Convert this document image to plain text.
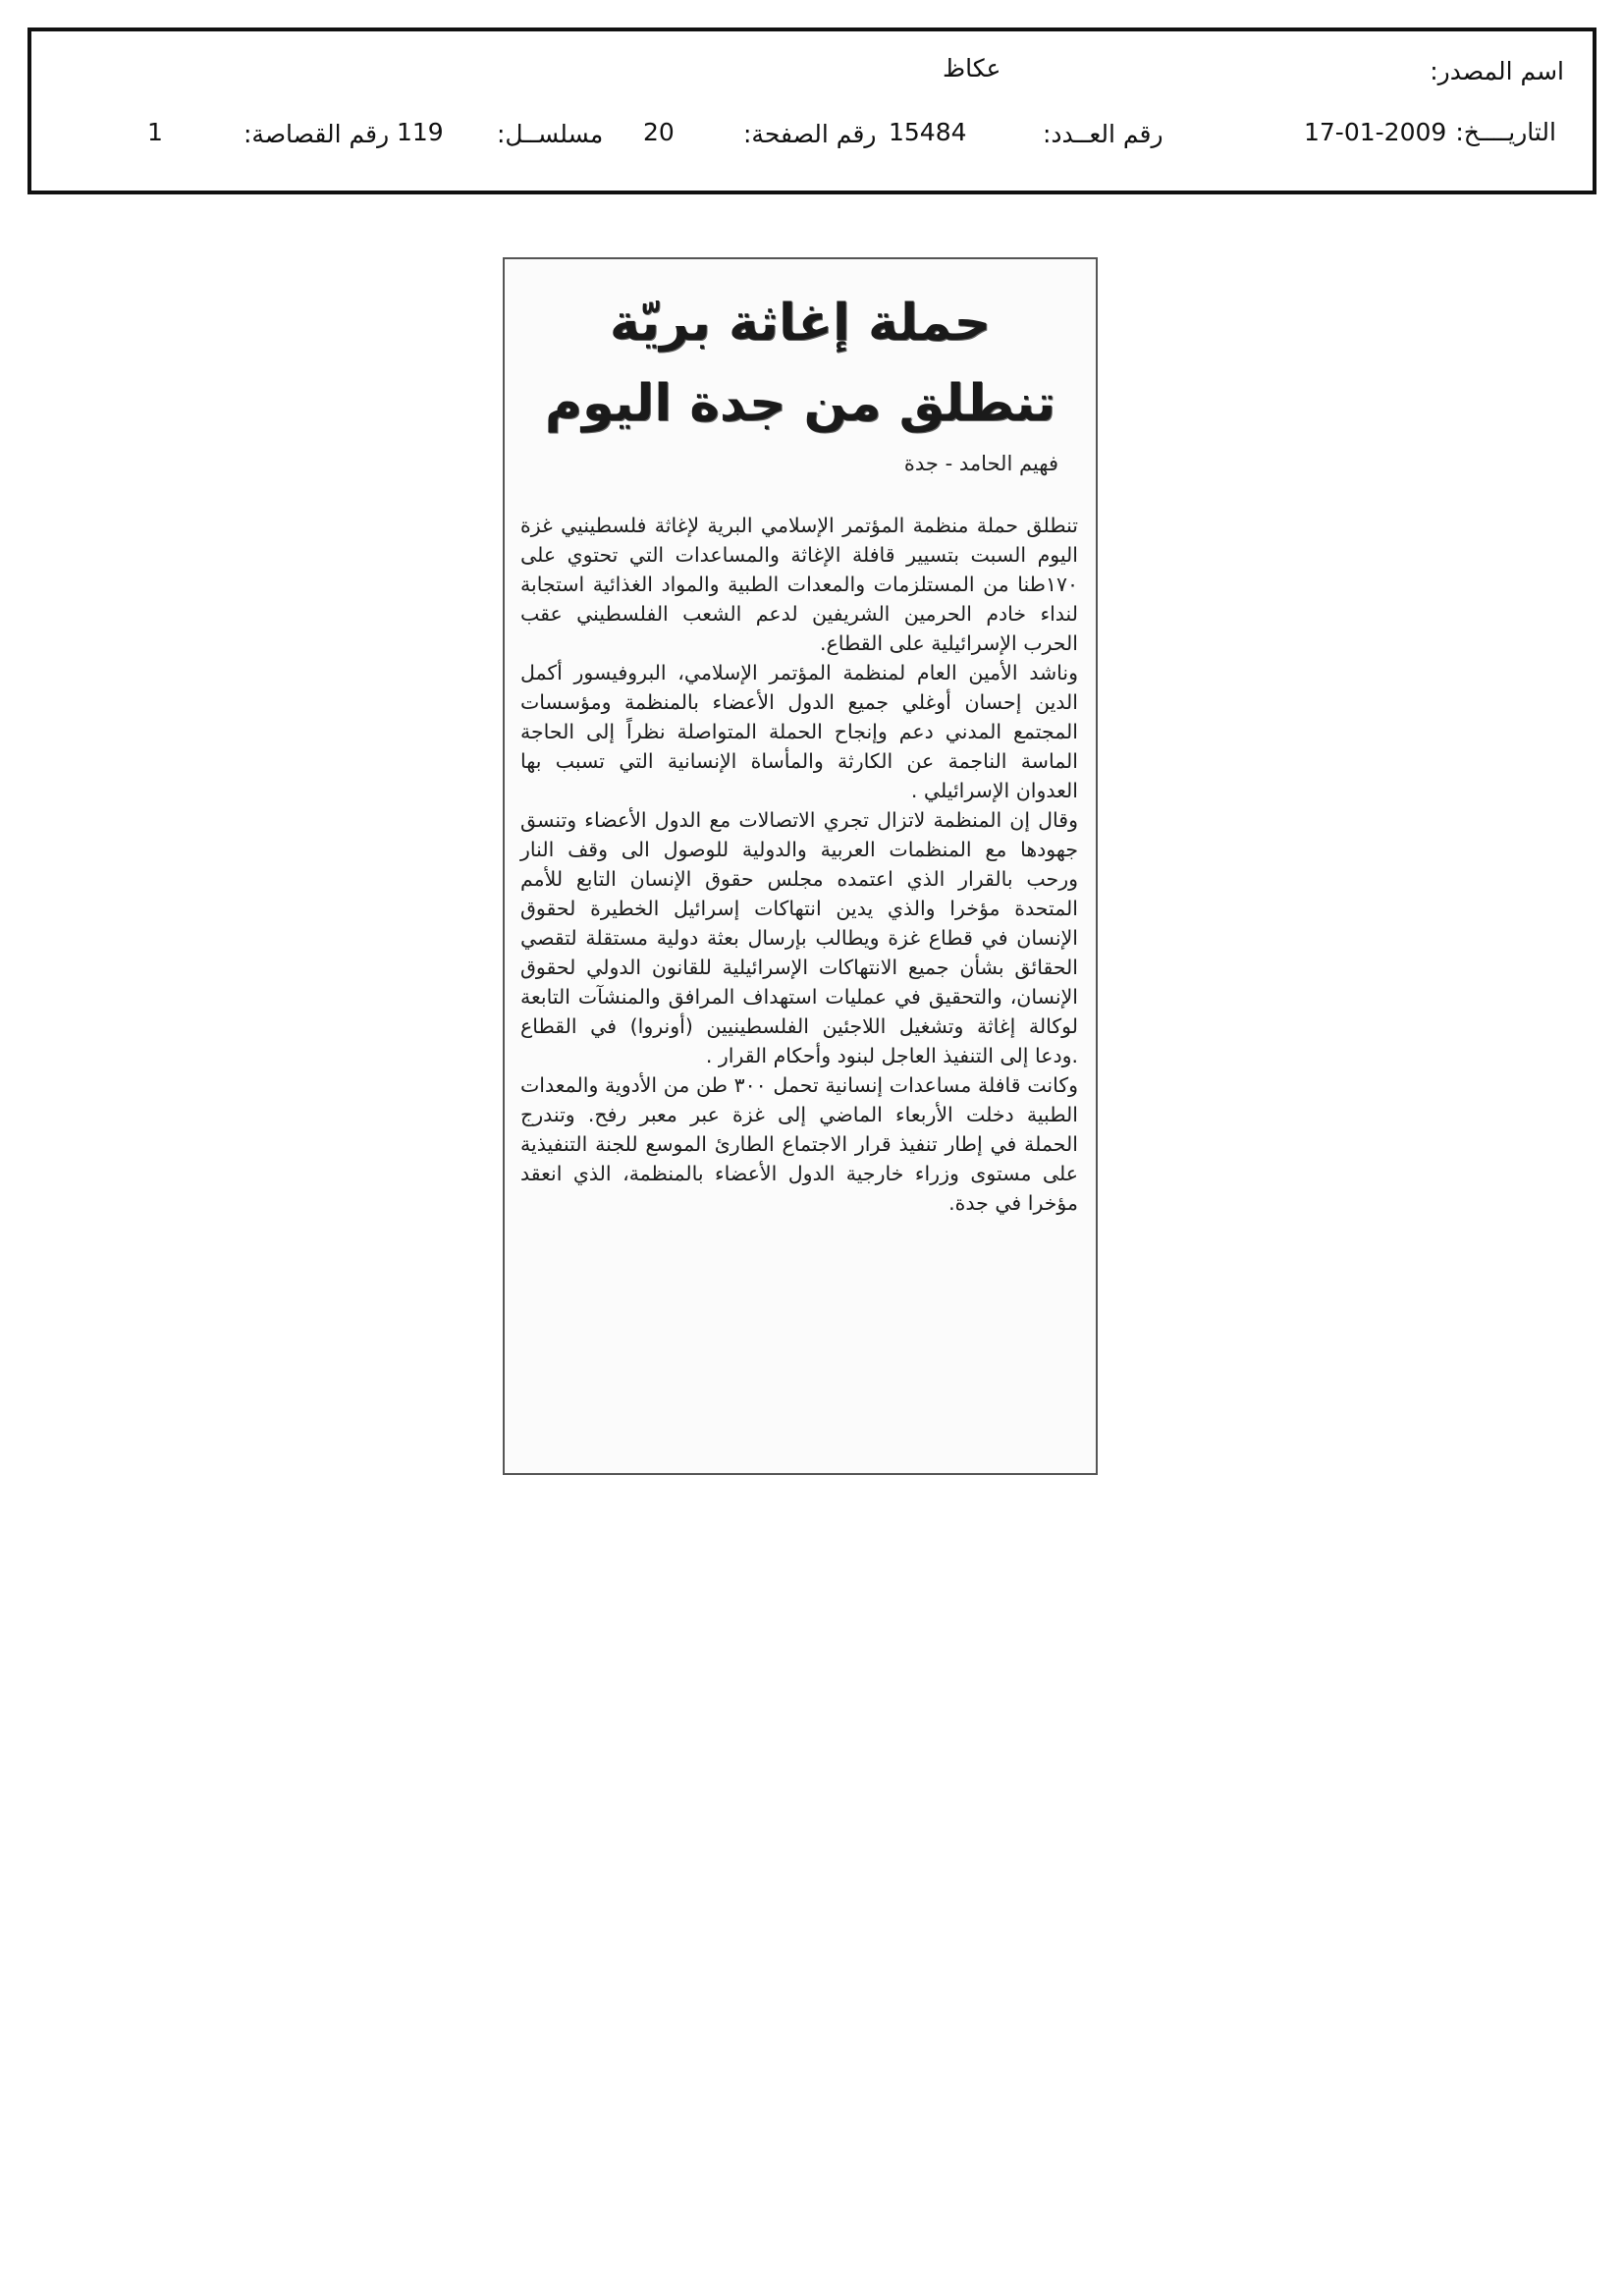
اسم المصدر:
عكاظ
التاريــــخ:
17-01-2009
رقم العــدد:
15484
رقم الصفحة:
20
مسلســل:
119
رقم القصاصة:
1
حملة إغاثة بريّة
تنطلق من جدة اليوم
فهيم الحامد - جدة

تنطلق حملة منظمة المؤتمر الإسلامي البرية لإغاثة فلسطينيي غزة اليوم السبت بتسيير قافلة الإغاثة والمساعدات التي تحتوي على ١٧٠طنا من المستلزمات والمعدات الطبية والمواد الغذائية استجابة لنداء خادم الحرمين الشريفين لدعم الشعب الفلسطيني عقب الحرب الإسرائيلية على القطاع.

وناشد الأمين العام لمنظمة المؤتمر الإسلامي، البروفيسور أكمل الدين إحسان أوغلي جميع الدول الأعضاء بالمنظمة ومؤسسات المجتمع المدني دعم وإنجاح الحملة المتواصلة نظراً إلى الحاجة الماسة الناجمة عن الكارثة والمأساة الإنسانية التي تسبب بها العدوان الإسرائيلي .

وقال إن المنظمة لاتزال تجري الاتصالات مع الدول الأعضاء وتنسق جهودها مع المنظمات العربية والدولية للوصول الى وقف النار ورحب بالقرار الذي اعتمده مجلس حقوق الإنسان التابع للأمم المتحدة مؤخرا والذي يدين انتهاكات إسرائيل الخطيرة لحقوق الإنسان في قطاع غزة ويطالب بإرسال بعثة دولية مستقلة لتقصي الحقائق بشأن جميع الانتهاكات الإسرائيلية للقانون الدولي لحقوق الإنسان، والتحقيق في عمليات استهداف المرافق والمنشآت التابعة لوكالة إغاثة وتشغيل اللاجئين الفلسطينيين (أونروا) في القطاع .ودعا إلى التنفيذ العاجل لبنود وأحكام القرار .

وكانت قافلة مساعدات إنسانية تحمل ٣٠٠ طن من الأدوية والمعدات الطبية دخلت الأربعاء الماضي إلى غزة عبر معبر رفح. وتندرج الحملة في إطار تنفيذ قرار الاجتماع الطارئ الموسع للجنة التنفيذية على مستوى وزراء خارجية الدول الأعضاء بالمنظمة، الذي انعقد مؤخرا في جدة.
